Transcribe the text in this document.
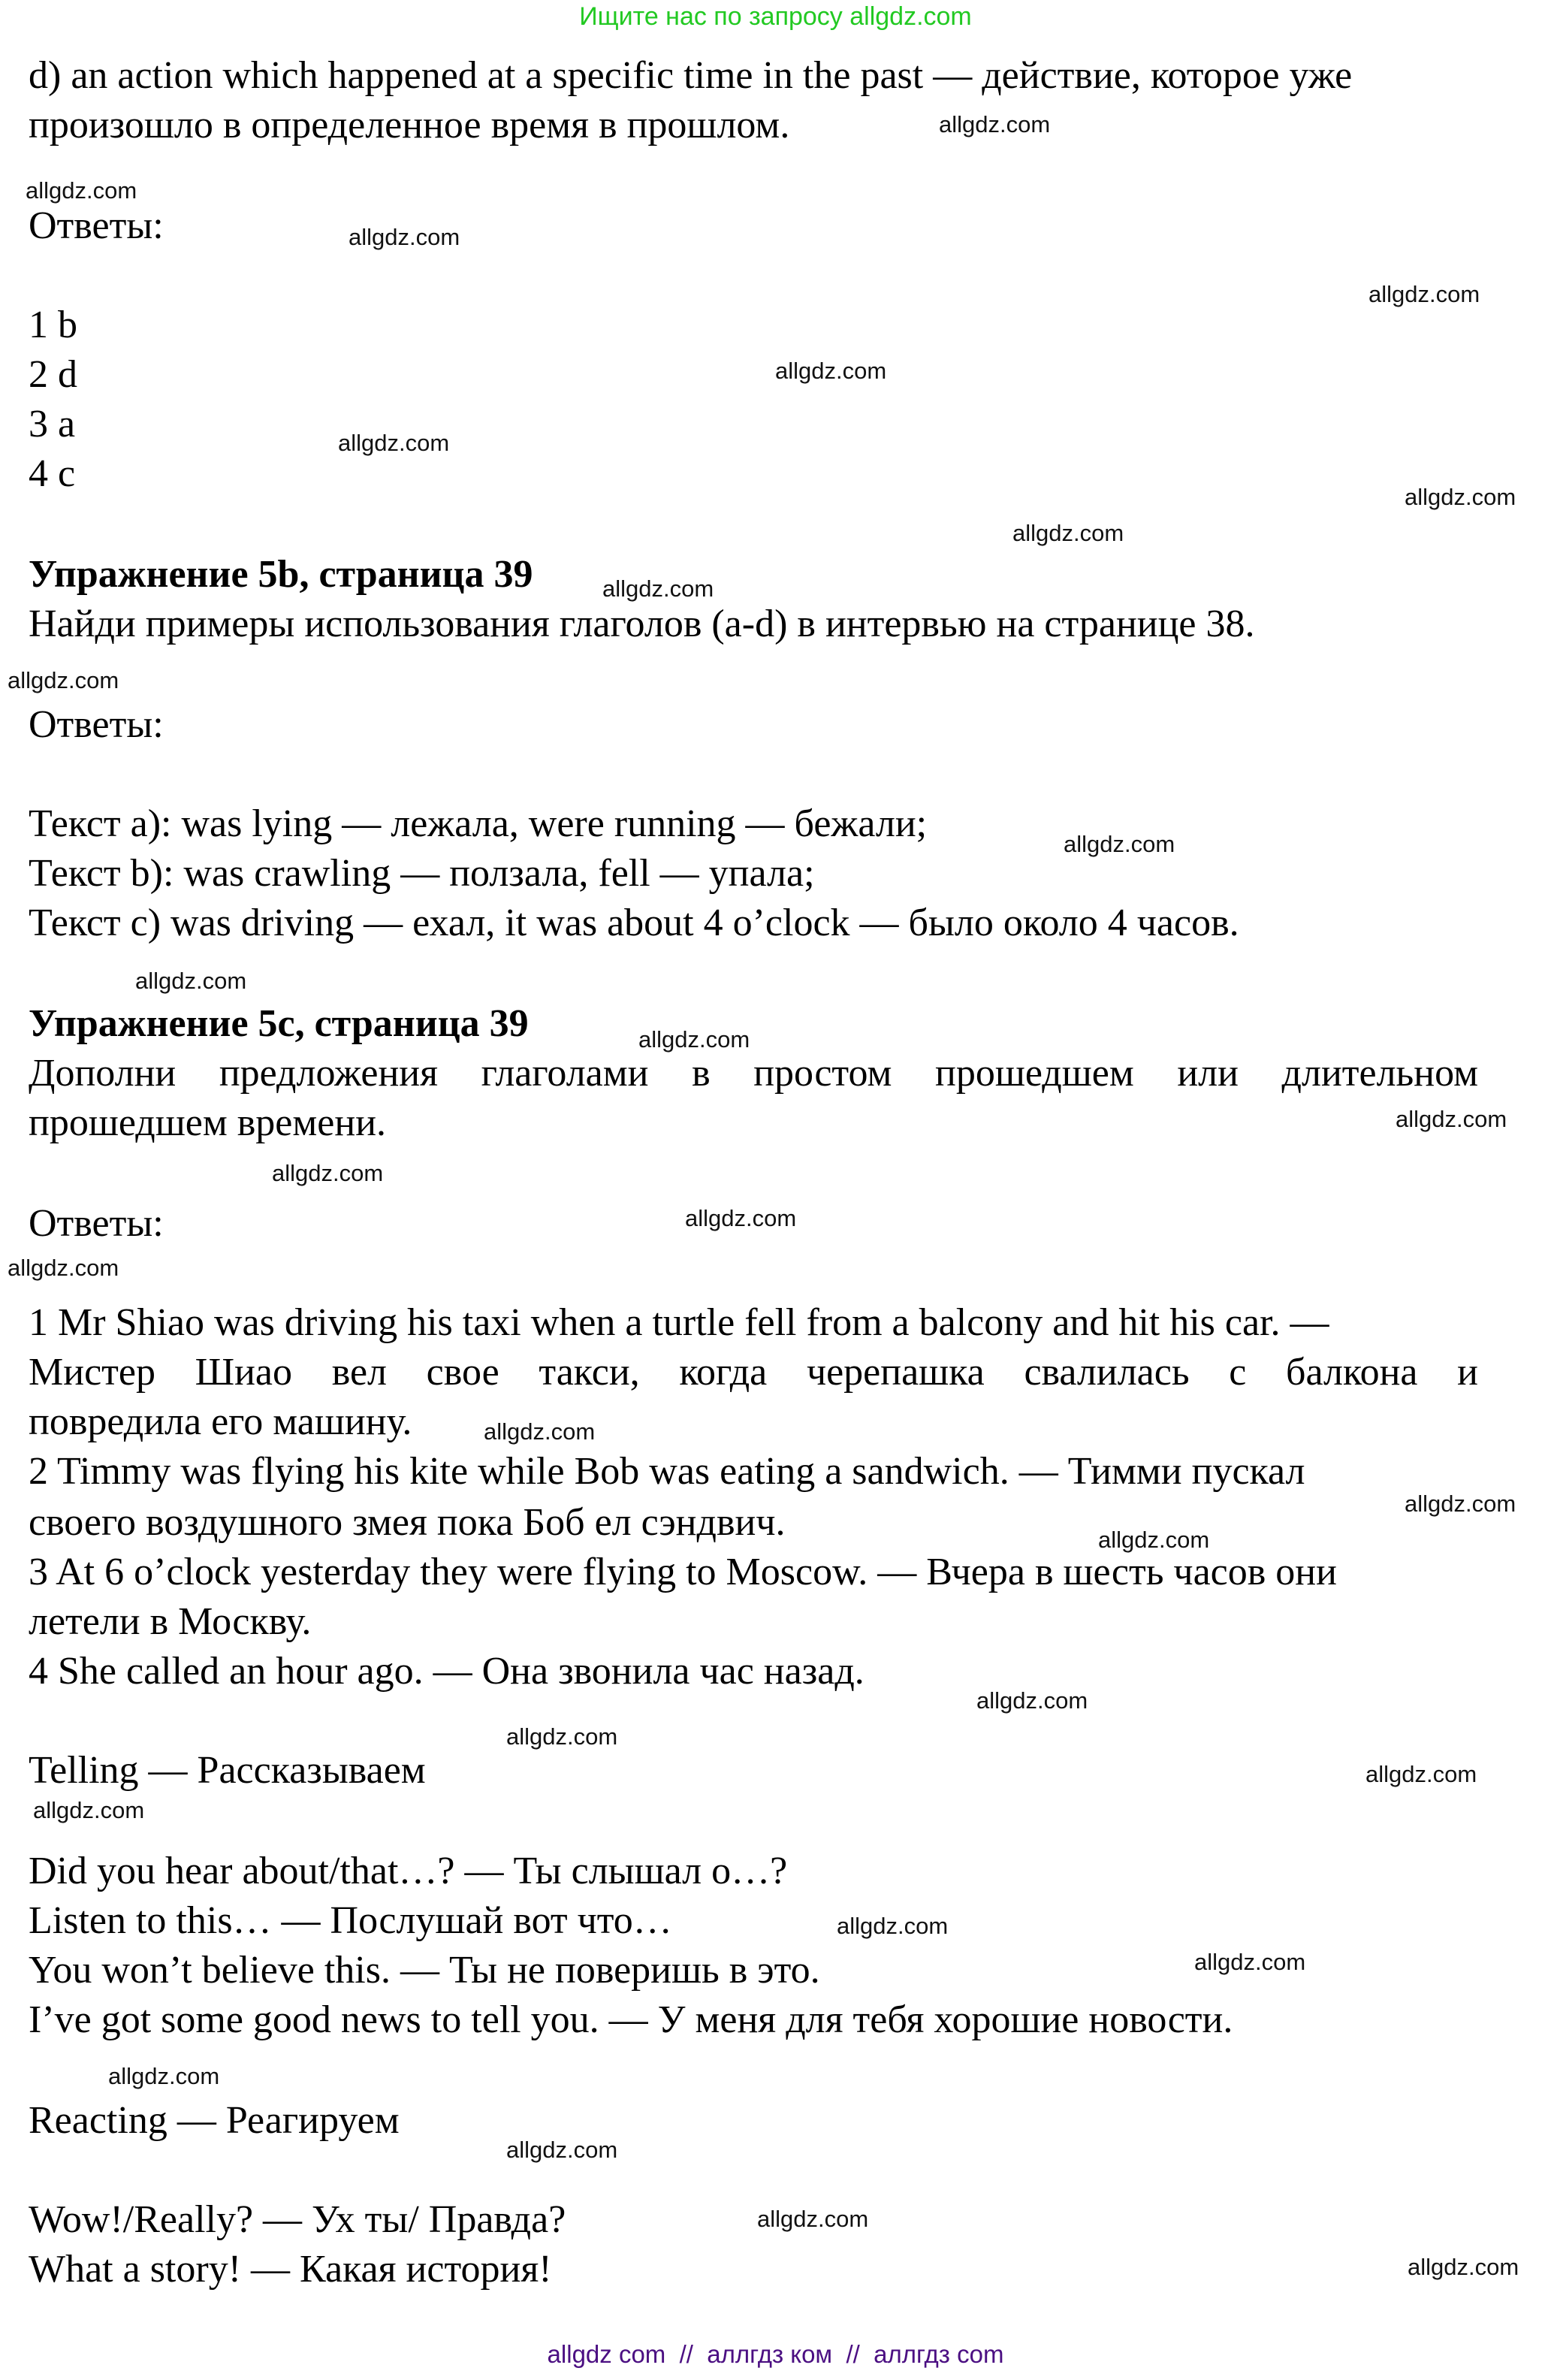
Ищите нас по запросу allgdz.com
d) an action which happened at a specific time in the past — действие, которое уже
произошло в определенное время в прошлом.
Ответы:
1 b
2 d
3 a
4 c
Упражнение 5b, страница 39
Найди примеры использования глаголов (a-d) в интервью на странице 38.
Ответы:
Текст a): was lying — лежала, were running — бежали;
Текст b): was crawling — ползала, fell — упала;
Текст c) was driving — ехал, it was about 4 o’clock — было около 4 часов.
Упражнение 5c, страница 39
Дополни предложения глаголами в простом прошедшем или длительном
прошедшем времени.
Ответы:
1 Mr Shiao was driving his taxi when a turtle fell from a balcony and hit his car. —
Мистер Шиао вел свое такси, когда черепашка свалилась с балкона и
повредила его машину.
2 Timmy was flying his kite while Bob was eating a sandwich. — Тимми пускал
своего воздушного змея пока Боб ел сэндвич.
3 At 6 o’clock yesterday they were flying to Moscow. — Вчера в шесть часов они
летели в Москву.
4 She called an hour ago. — Она звонила час назад.
Telling — Рассказываем
Did you hear about/that…? — Ты слышал о…?
Listen to this… — Послушай вот что…
You won’t believe this. — Ты не поверишь в это.
I’ve got some good news to tell you. — У меня для тебя хорошие новости.
Reacting — Реагируем
Wow!/Really? — Ух ты/ Правда?
What a story! — Какая история!
allgdz.com
allgdz.com
allgdz.com
allgdz.com
allgdz.com
allgdz.com
allgdz.com
allgdz.com
allgdz.com
allgdz.com
allgdz.com
allgdz.com
allgdz.com
allgdz.com
allgdz.com
allgdz.com
allgdz.com
allgdz.com
allgdz.com
allgdz.com
allgdz.com
allgdz.com
allgdz.com
allgdz.com
allgdz.com
allgdz.com
allgdz.com
allgdz.com
allgdz.com
allgdz.com
allgdz com  //  аллгдз ком  //  аллгдз com
